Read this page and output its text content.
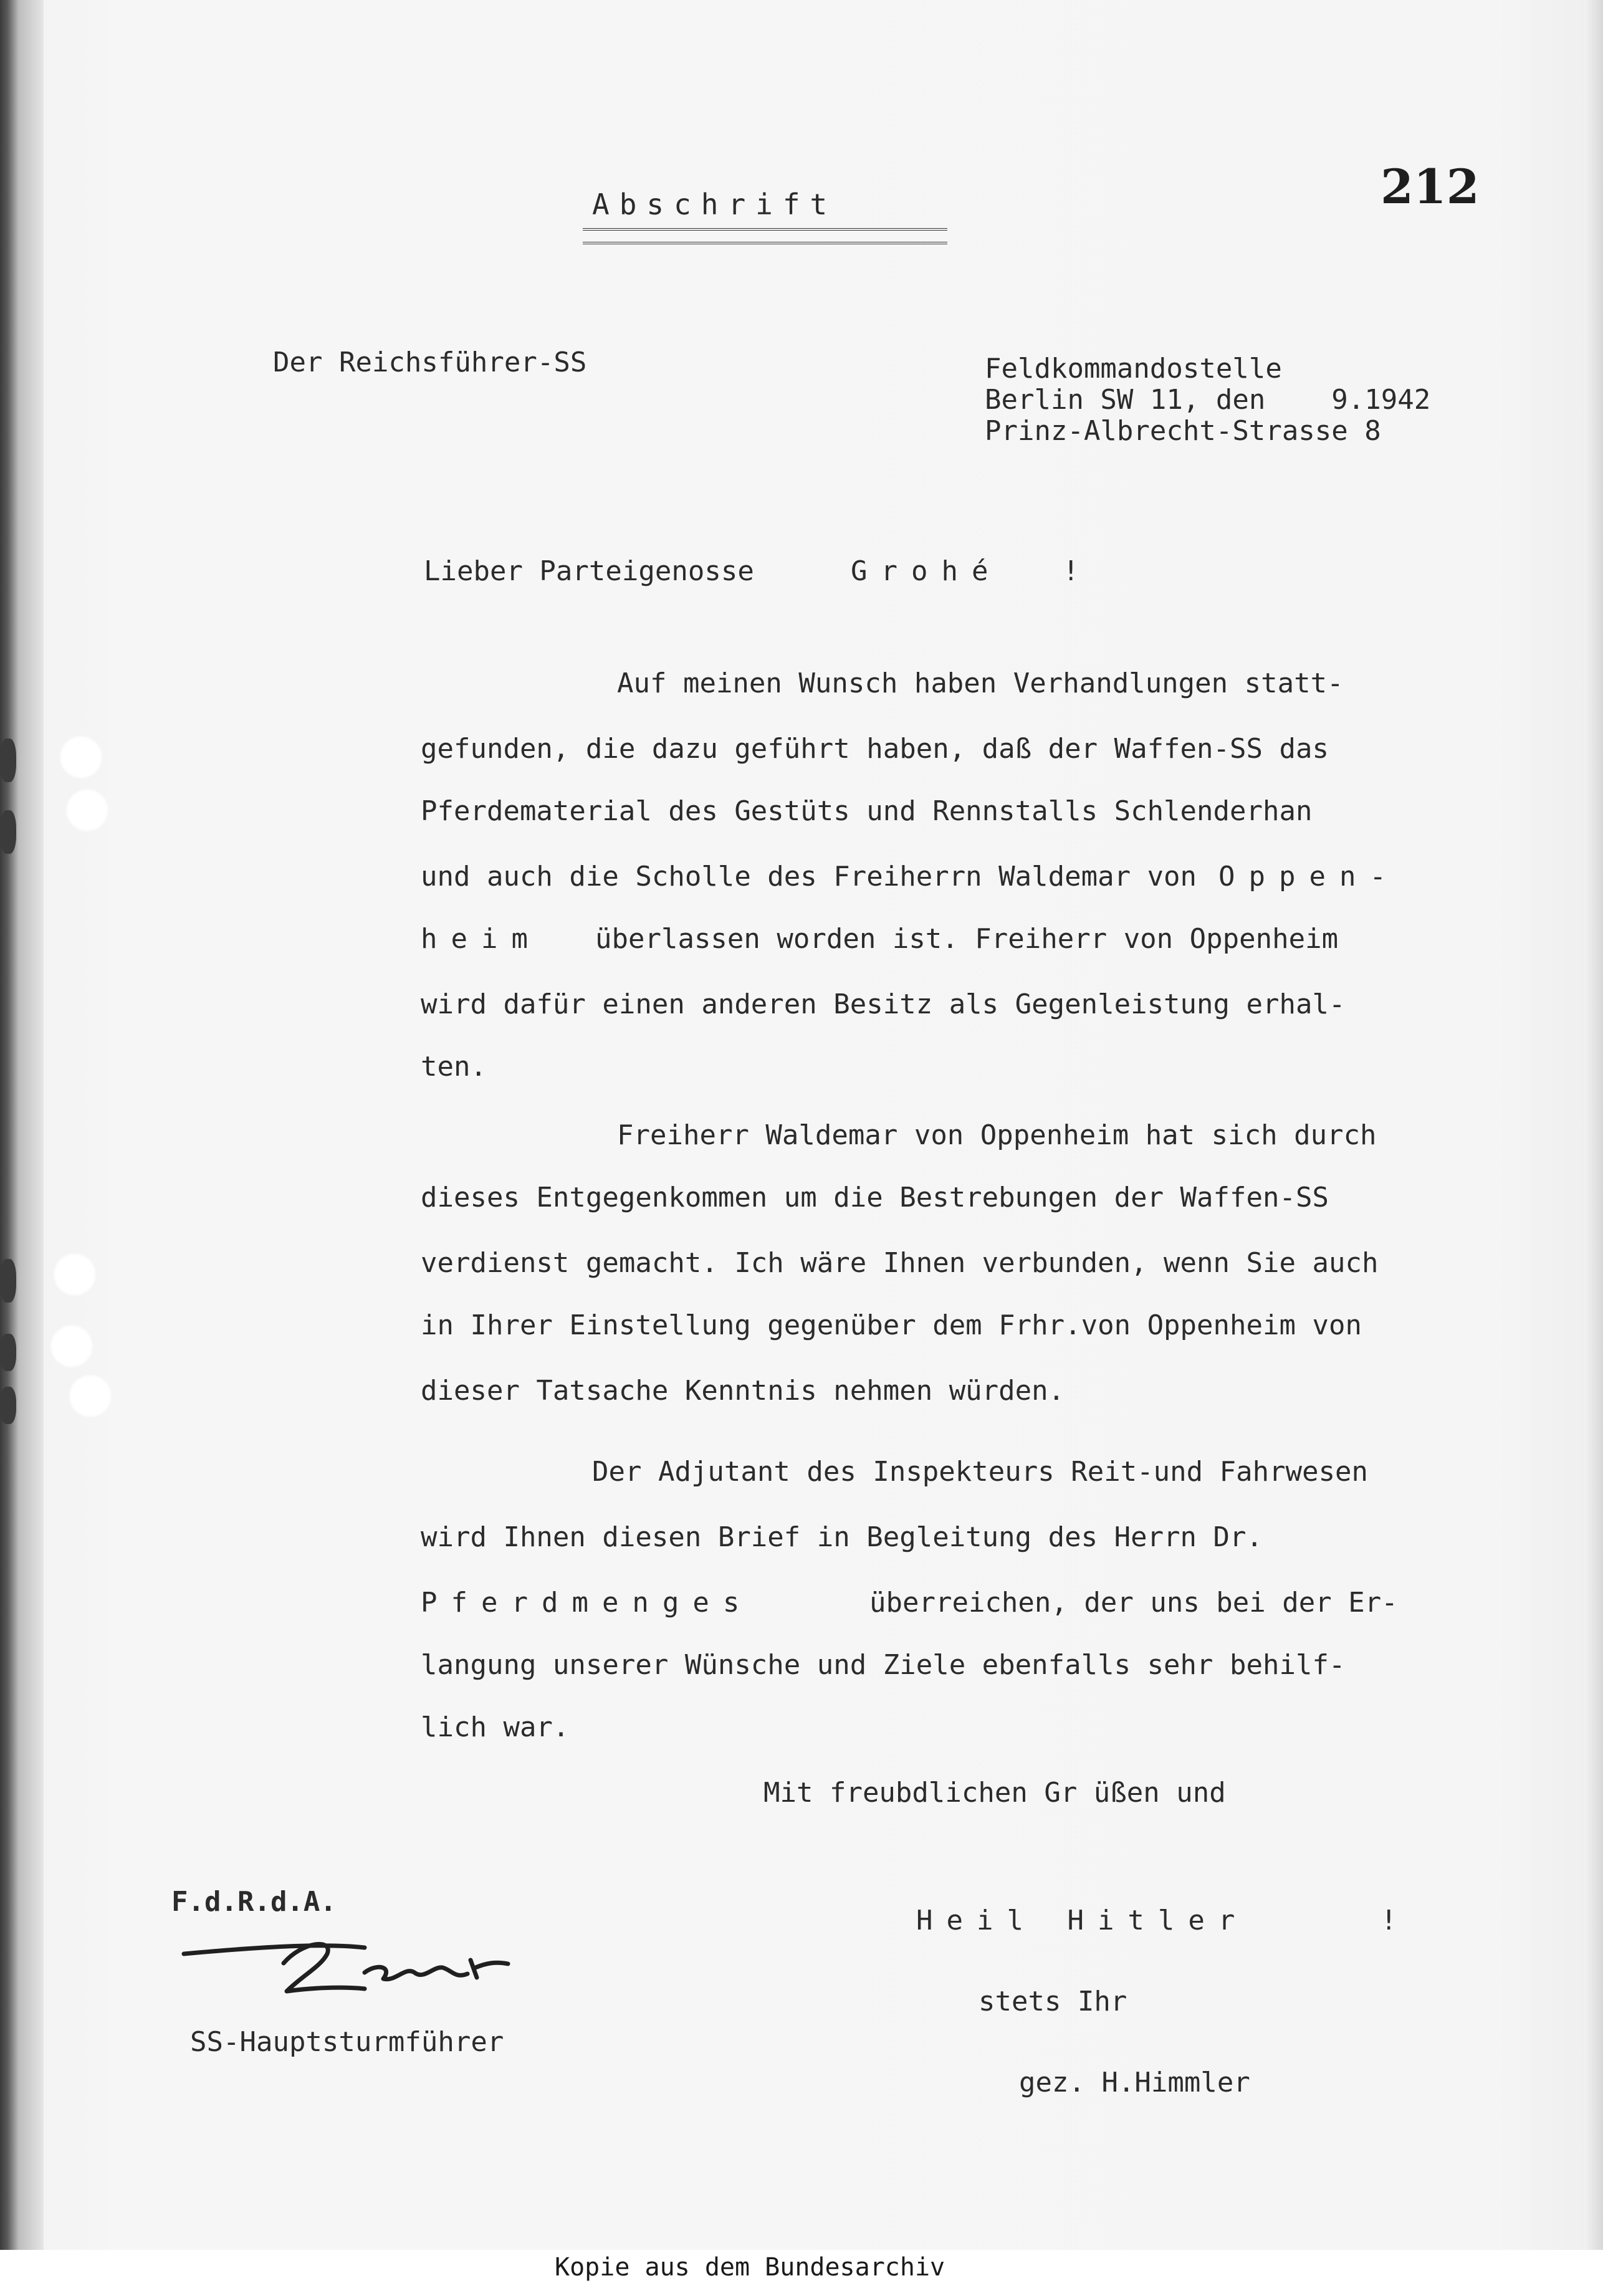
Abschrift	212
Der Reichsführer-SS	Feldkommandostelle
Berlin SW 11, den    9.1942
Prinz-Albrecht-Strasse 8
Lieber Parteigenosse	Grohé !
Auf meinen Wunsch haben Verhandlungen statt-
gefunden, die dazu geführt haben, daß der Waffen-SS das
Pferdematerial des Gestüts und Rennstalls Schlenderhan
und auch die Scholle des Freiherrn Waldemar von Oppen-
heim überlassen worden ist. Freiherr von Oppenheim
wird dafür einen anderen Besitz als Gegenleistung erhal-
ten.
Freiherr Waldemar von Oppenheim hat sich durch
dieses Entgegenkommen um die Bestrebungen der Waffen-SS
verdienst gemacht. Ich wäre Ihnen verbunden, wenn Sie auch
in Ihrer Einstellung gegenüber dem Frhr.von Oppenheim von
dieser Tatsache Kenntnis nehmen würden.
Der Adjutant des Inspekteurs Reit-und Fahrwesen
wird Ihnen diesen Brief in Begleitung des Herrn Dr.
Pferdmenges	überreichen, der uns bei der Er-
langung unserer Wünsche und Ziele ebenfalls sehr behilf-
lich war.
Mit freubdlichen Gr üßen und
Heil Hitler	!
stets Ihr
gez. H.Himmler
F.d.R.d.A.
SS-Hauptsturmführer
Kopie aus dem Bundesarchiv
